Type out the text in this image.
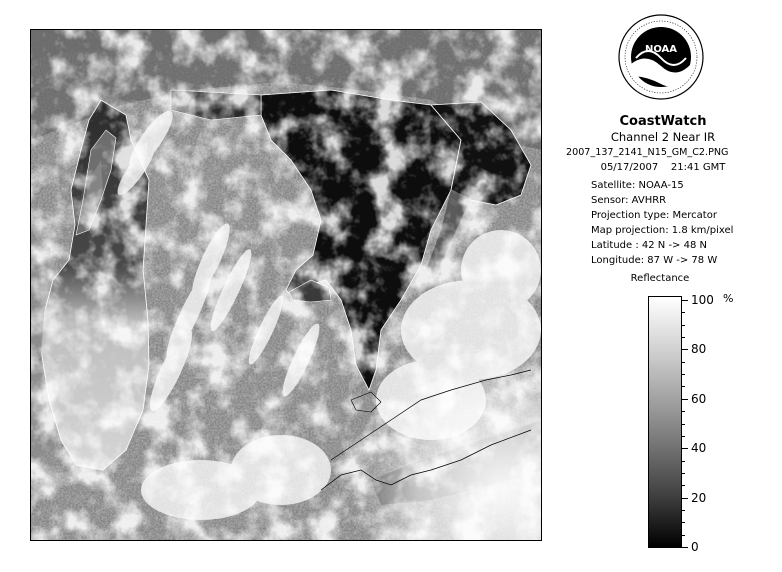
NOAA
CoastWatch
Channel 2 Near IR
2007_137_2141_N15_GM_C2.PNG
05/17/2007    21:41 GMT
Satellite: NOAA-15
Sensor: AVHRR
Projection type: Mercator
Map projection: 1.8 km/pixel
Latitude : 42 N -> 48 N
Longitude: 87 W -> 78 W
Reflectance
%
100
80
60
40
20
0
